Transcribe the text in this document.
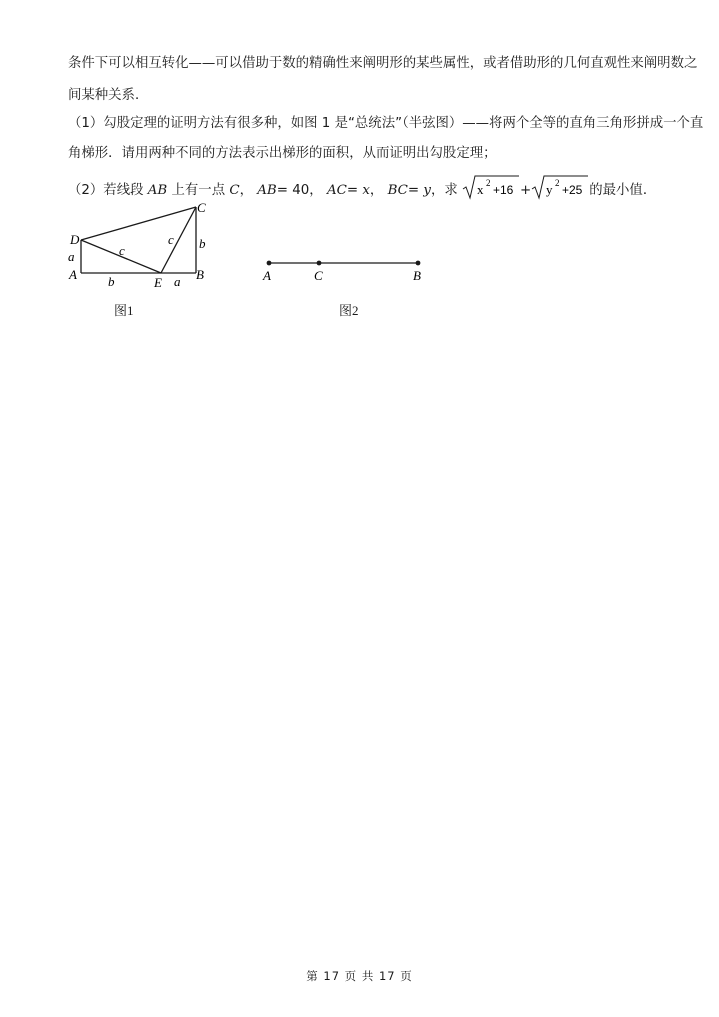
条件下可以相互转化——可以借助于数的精确性来阐明形的某些属性，或者借助形的几何直观性来阐明数之
间某种关系．
（1）勾股定理的证明方法有很多种，如图 1 是“总统法”（半弦图）——将两个全等的直角三角形拼成一个直
角梯形．请用两种不同的方法表示出梯形的面积，从而证明出勾股定理；
（2）若线段 AB 上有一点 C， AB= 40， AC= x， BC= y，求 x 2 +16 + y 2 +25 的最小值．
D
A
E
B
C
a
b	a
b
c
c
图1
A	C	B
图2
第 17 页 共 17 页
